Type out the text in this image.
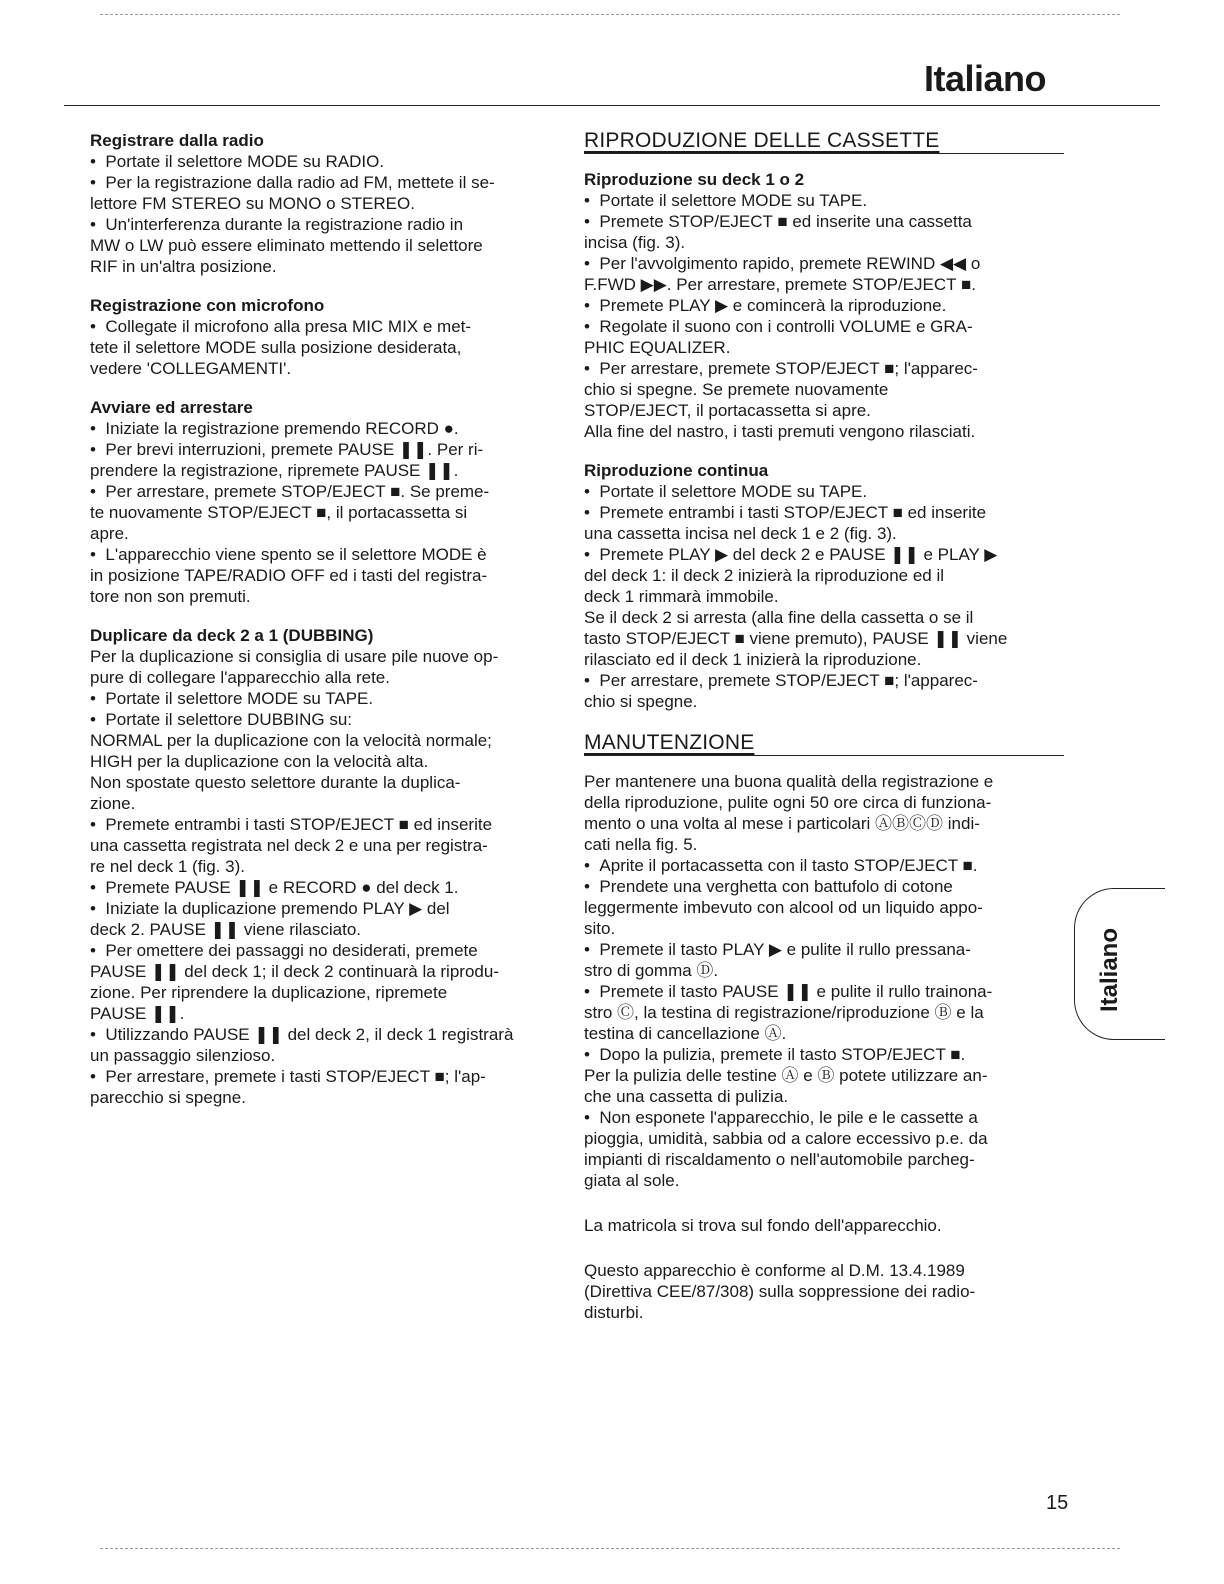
Italiano

Registrare dalla radio

•  Portate il selettore MODE su RADIO.

•  Per la registrazione dalla radio ad FM, mettete il se-

lettore FM STEREO su MONO o STEREO.

•  Un'interferenza durante la registrazione radio in

MW o LW può essere eliminato mettendo il selettore

RIF in un'altra posizione.

Registrazione con microfono

•  Collegate il microfono alla presa MIC MIX e met-

tete il selettore MODE sulla posizione desiderata,

vedere 'COLLEGAMENTI'.

Avviare ed arrestare

•  Iniziate la registrazione premendo RECORD ●.

•  Per brevi interruzioni, premete PAUSE ❚❚. Per ri-

prendere la registrazione, ripremete PAUSE ❚❚.

•  Per arrestare, premete STOP/EJECT ■. Se preme-

te nuovamente STOP/EJECT ■, il portacassetta si

apre.

•  L'apparecchio viene spento se il selettore MODE è

in posizione TAPE/RADIO OFF ed i tasti del registra-

tore non son premuti.

Duplicare da deck 2 a 1 (DUBBING)

Per la duplicazione si consiglia di usare pile nuove op-

pure di collegare l'apparecchio alla rete.

•  Portate il selettore MODE su TAPE.

•  Portate il selettore DUBBING su:

NORMAL per la duplicazione con la velocità normale;

HIGH per la duplicazione con la velocità alta.

Non spostate questo selettore durante la duplica-

zione.

•  Premete entrambi i tasti STOP/EJECT ■ ed inserite

una cassetta registrata nel deck 2 e una per registra-

re nel deck 1 (fig. 3).

•  Premete PAUSE ❚❚ e RECORD ● del deck 1.

•  Iniziate la duplicazione premendo PLAY ▶ del

deck 2. PAUSE ❚❚ viene rilasciato.

•  Per omettere dei passaggi no desiderati, premete

PAUSE ❚❚ del deck 1; il deck 2 continuarà la riprodu-

zione. Per riprendere la duplicazione, ripremete

PAUSE ❚❚.

•  Utilizzando PAUSE ❚❚ del deck 2, il deck 1 registrarà

un passaggio silenzioso.

•  Per arrestare, premete i tasti STOP/EJECT ■; l'ap-

parecchio si spegne.

RIPRODUZIONE DELLE CASSETTE

Riproduzione su deck 1 o 2

•  Portate il selettore MODE su TAPE.

•  Premete STOP/EJECT ■ ed inserite una cassetta

incisa (fig. 3).

•  Per l'avvolgimento rapido, premete REWIND ◀◀ o

F.FWD ▶▶. Per arrestare, premete STOP/EJECT ■.

•  Premete PLAY ▶ e comincerà la riproduzione.

•  Regolate il suono con i controlli VOLUME e GRA-

PHIC EQUALIZER.

•  Per arrestare, premete STOP/EJECT ■; l'apparec-

chio si spegne. Se premete nuovamente

STOP/EJECT, il portacassetta si apre.

Alla fine del nastro, i tasti premuti vengono rilasciati.

Riproduzione continua

•  Portate il selettore MODE su TAPE.

•  Premete entrambi i tasti STOP/EJECT ■ ed inserite

una cassetta incisa nel deck 1 e 2 (fig. 3).

•  Premete PLAY ▶ del deck 2 e PAUSE ❚❚ e PLAY ▶

del deck 1: il deck 2 inizierà la riproduzione ed il

deck 1 rimmarà immobile.

Se il deck 2 si arresta (alla fine della cassetta o se il

tasto STOP/EJECT ■ viene premuto), PAUSE ❚❚ viene

rilasciato ed il deck 1 inizierà la riproduzione.

•  Per arrestare, premete STOP/EJECT ■; l'apparec-

chio si spegne.

MANUTENZIONE

Per mantenere una buona qualità della registrazione e

della riproduzione, pulite ogni 50 ore circa di funziona-

mento o una volta al mese i particolari ⒶⒷⒸⒹ indi-

cati nella fig. 5.

•  Aprite il portacassetta con il tasto STOP/EJECT ■.

•  Prendete una verghetta con battufolo di cotone

leggermente imbevuto con alcool od un liquido appo-

sito.

•  Premete il tasto PLAY ▶ e pulite il rullo pressana-

stro di gomma Ⓓ.

•  Premete il tasto PAUSE ❚❚ e pulite il rullo trainona-

stro Ⓒ, la testina di registrazione/riproduzione Ⓑ e la

testina di cancellazione Ⓐ.

•  Dopo la pulizia, premete il tasto STOP/EJECT ■.

Per la pulizia delle testine Ⓐ e Ⓑ potete utilizzare an-

che una cassetta di pulizia.

•  Non esponete l'apparecchio, le pile e le cassette a

pioggia, umidità, sabbia od a calore eccessivo p.e. da

impianti di riscaldamento o nell'automobile parcheg-

giata al sole.

La matricola si trova sul fondo dell'apparecchio.

Questo apparecchio è conforme al D.M. 13.4.1989

(Direttiva CEE/87/308) sulla soppressione dei radio-

disturbi.

Italiano
15
